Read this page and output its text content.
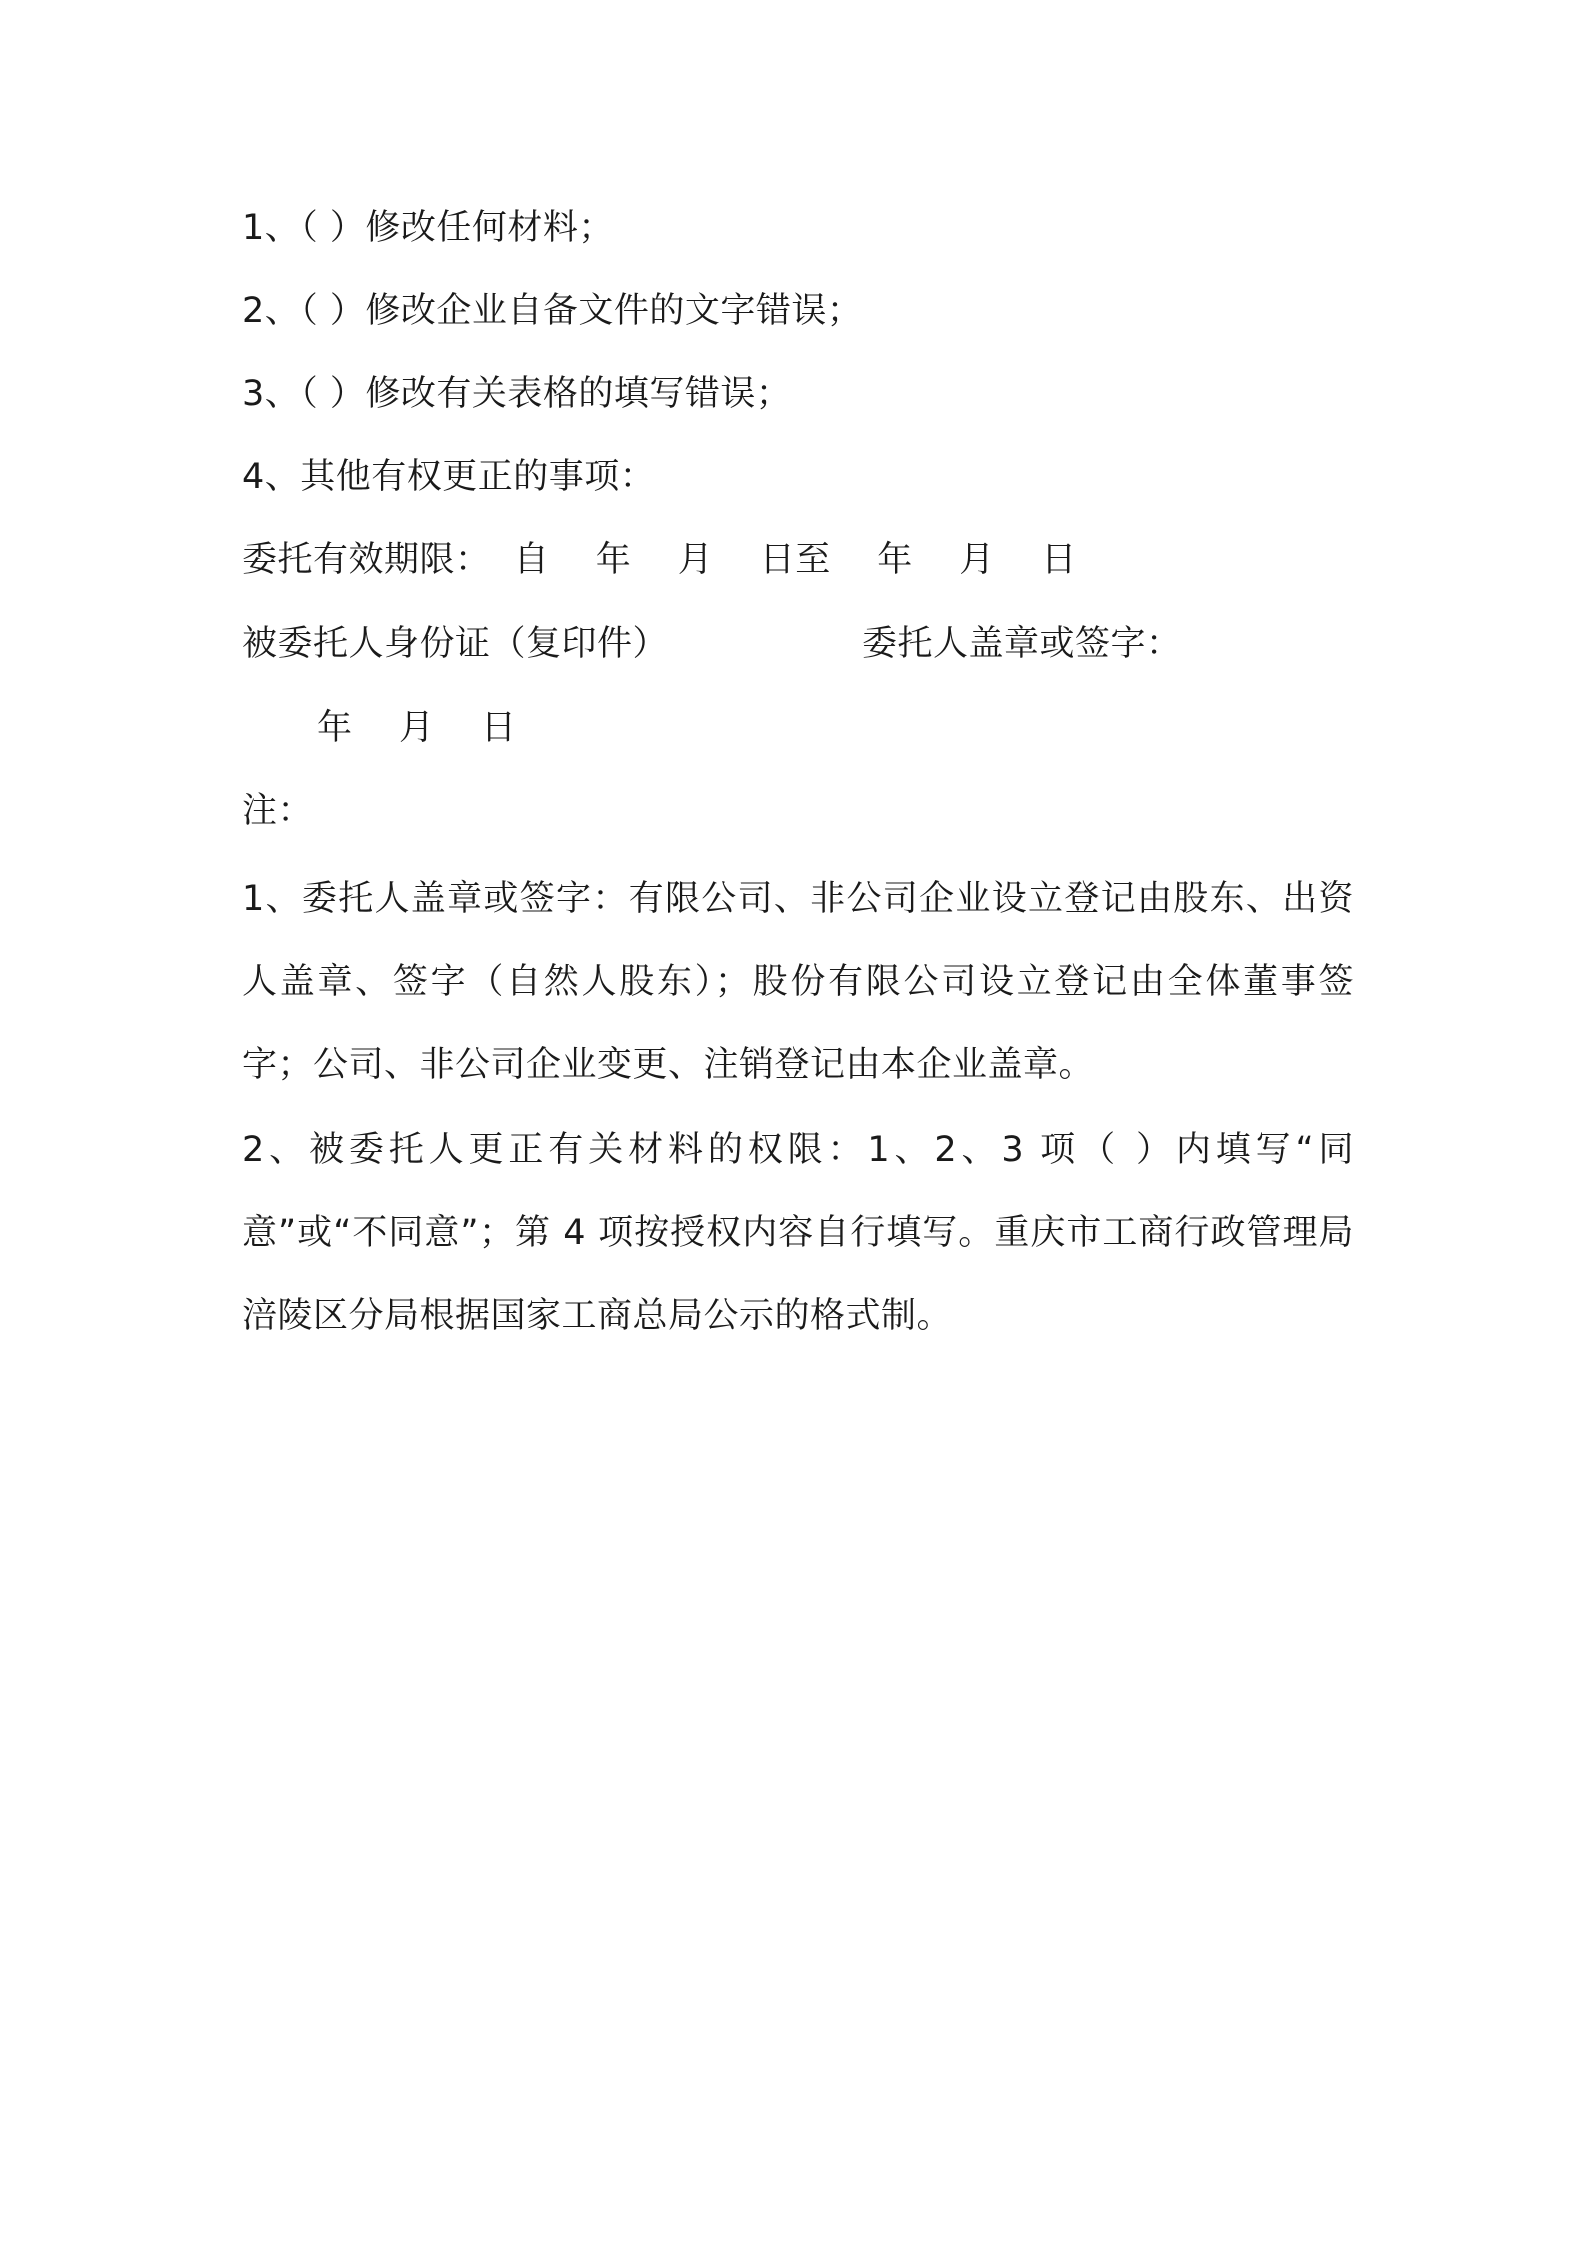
1、（ ）修改任何材料；
2、（ ）修改企业自备文件的文字错误；
3、（ ）修改有关表格的填写错误；
4、其他有权更正的事项：
委托有效期限：  自    年    月    日至    年    月    日
被委托人身份证（复印件）	委托人盖章或签字：
年    月    日
注：
1、委托人盖章或签字：有限公司、非公司企业设立登记由股东、出资人盖章、签字（自然人股东）；股份有限公司设立登记由全体董事签字；公司、非公司企业变更、注销登记由本企业盖章。
2、被委托人更正有关材料的权限：1、2、3 项（ ）内填写“同意”或“不同意”；第 4 项按授权内容自行填写。重庆市工商行政管理局涪陵区分局根据国家工商总局公示的格式制。
